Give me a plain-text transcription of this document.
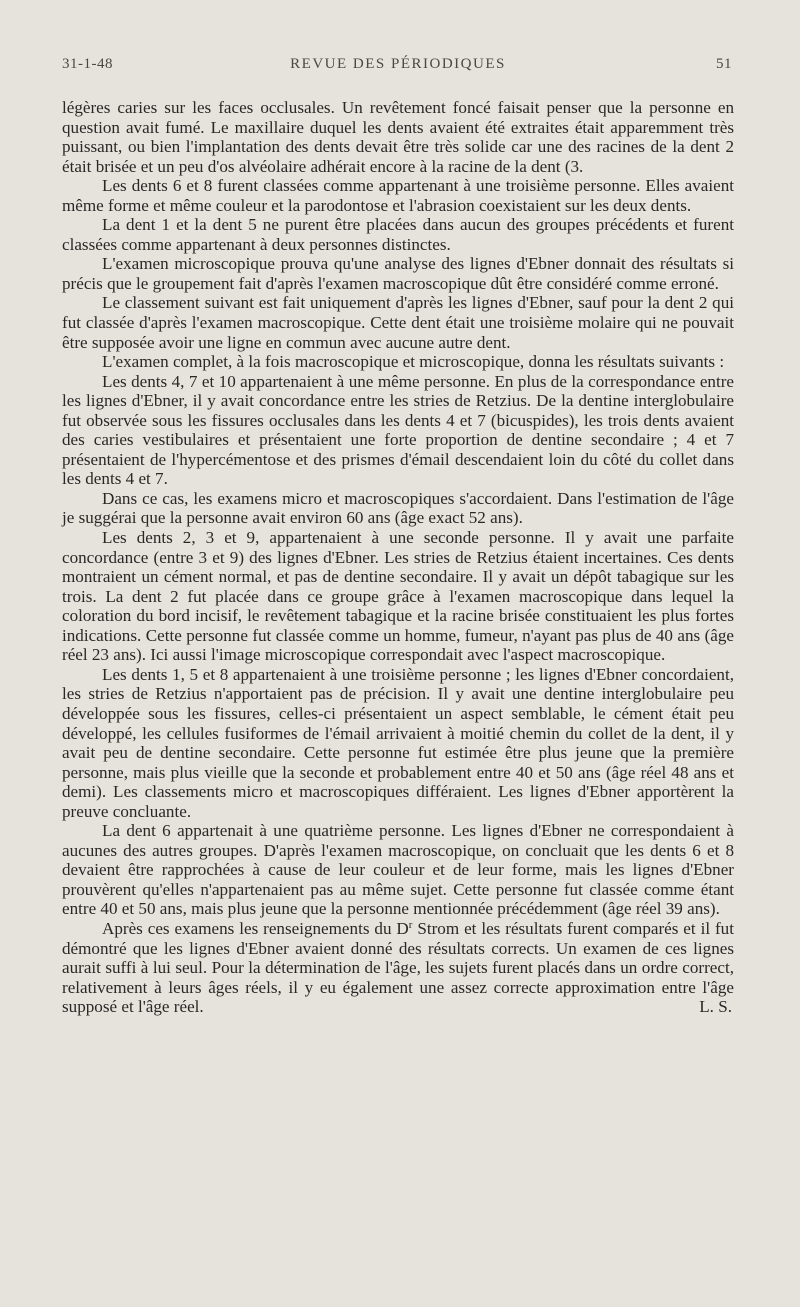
31-1-48	REVUE DES PÉRIODIQUES	51

légères caries sur les faces occlusales. Un revêtement foncé faisait penser que la personne en question avait fumé. Le maxillaire duquel les dents avaient été extraites était apparemment très puissant, ou bien l'implantation des dents devait être très solide car une des racines de la dent 2 était brisée et un peu d'os alvéolaire adhérait encore à la racine de la dent (3.

Les dents 6 et 8 furent classées comme appartenant à une troisième personne. Elles avaient même forme et même couleur et la parodontose et l'abrasion coexistaient sur les deux dents.

La dent 1 et la dent 5 ne purent être placées dans aucun des groupes précédents et furent classées comme appartenant à deux personnes distinctes.

L'examen microscopique prouva qu'une analyse des lignes d'Ebner donnait des résultats si précis que le groupement fait d'après l'examen macroscopique dût être considéré comme erroné.

Le classement suivant est fait uniquement d'après les lignes d'Ebner, sauf pour la dent 2 qui fut classée d'après l'examen macroscopique. Cette dent était une troisième molaire qui ne pouvait être supposée avoir une ligne en commun avec aucune autre dent.

L'examen complet, à la fois macroscopique et microscopique, donna les résultats suivants :

Les dents 4, 7 et 10 appartenaient à une même personne. En plus de la correspondance entre les lignes d'Ebner, il y avait concordance entre les stries de Retzius. De la dentine interglobulaire fut observée sous les fissures occlusales dans les dents 4 et 7 (bicuspides), les trois dents avaient des caries vestibulaires et présentaient une forte proportion de dentine secondaire ; 4 et 7 présentaient de l'hypercémentose et des prismes d'émail descendaient loin du côté du collet dans les dents 4 et 7.

Dans ce cas, les examens micro et macroscopiques s'accordaient. Dans l'estimation de l'âge je suggérai que la personne avait environ 60 ans (âge exact 52 ans).

Les dents 2, 3 et 9, appartenaient à une seconde personne. Il y avait une parfaite concordance (entre 3 et 9) des lignes d'Ebner. Les stries de Retzius étaient incertaines. Ces dents montraient un cément normal, et pas de dentine secondaire. Il y avait un dépôt tabagique sur les trois. La dent 2 fut placée dans ce groupe grâce à l'examen macroscopique dans lequel la coloration du bord incisif, le revêtement tabagique et la racine brisée constituaient les plus fortes indications. Cette personne fut classée comme un homme, fumeur, n'ayant pas plus de 40 ans (âge réel 23 ans). Ici aussi l'image microscopique correspondait avec l'aspect macroscopique.

Les dents 1, 5 et 8 appartenaient à une troisième personne ; les lignes d'Ebner concordaient, les stries de Retzius n'apportaient pas de précision. Il y avait une dentine interglobulaire peu développée sous les fissures, celles-ci présentaient un aspect semblable, le cément était peu développé, les cellules fusiformes de l'émail arrivaient à moitié chemin du collet de la dent, il y avait peu de dentine secondaire. Cette personne fut estimée être plus jeune que la première personne, mais plus vieille que la seconde et probablement entre 40 et 50 ans (âge réel 48 ans et demi). Les classements micro et macroscopiques différaient. Les lignes d'Ebner apportèrent la preuve concluante.

La dent 6 appartenait à une quatrième personne. Les lignes d'Ebner ne correspondaient à aucunes des autres groupes. D'après l'examen macroscopique, on concluait que les dents 6 et 8 devaient être rapprochées à cause de leur couleur et de leur forme, mais les lignes d'Ebner prouvèrent qu'elles n'appartenaient pas au même sujet. Cette personne fut classée comme étant entre 40 et 50 ans, mais plus jeune que la personne mentionnée précédemment (âge réel 39 ans).

Après ces examens les renseignements du $D^r$ Strom et les résultats furent comparés et il fut démontré que les lignes d'Ebner avaient donné des résultats corrects. Un examen de ces lignes aurait suffi à lui seul. Pour la détermination de l'âge, les sujets furent placés dans un ordre correct, relativement à leurs âges réels, il y eu également une assez correcte approximation entre l'âge supposé et l'âge réel.	L. S.
